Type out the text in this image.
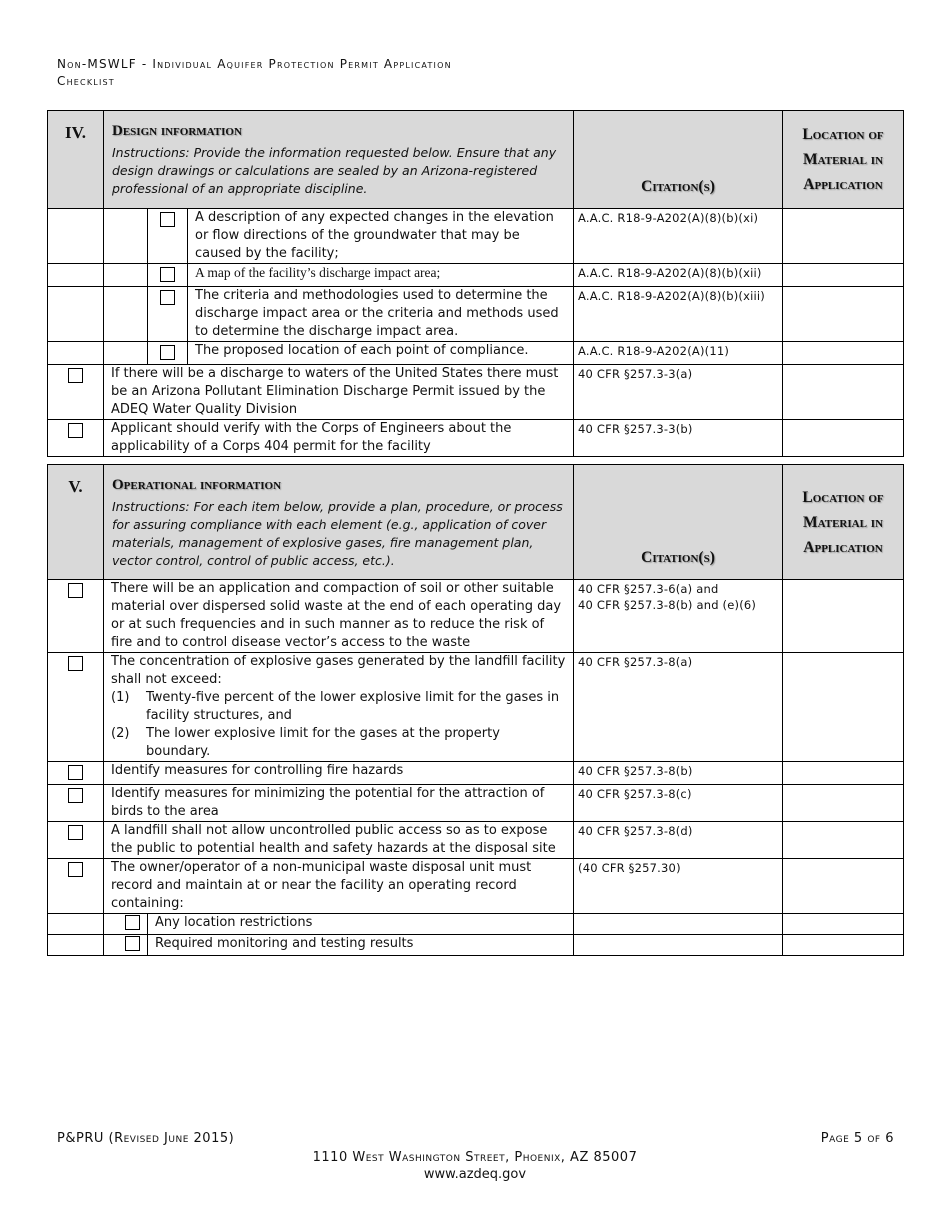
Non-MSWLF - Individual Aquifer Protection Permit Application
Checklist
IV.	Design information
Instructions: Provide the information requested below. Ensure that any design drawings or calculations are sealed by an Arizona-registered professional of an appropriate discipline.			Citation(s)	Location of Material in Application
			A description of any expected changes in the elevation or flow directions of the groundwater that may be caused by the facility;	A.A.C. R18-9-A202(A)(8)(b)(xi)	
			A map of the facility’s discharge impact area;	A.A.C. R18-9-A202(A)(8)(b)(xii)	
			The criteria and methodologies used to determine the discharge impact area or the criteria and methods used to determine the discharge impact area.	A.A.C. R18-9-A202(A)(8)(b)(xiii)	
			The proposed location of each point of compliance.	A.A.C. R18-9-A202(A)(11)	
	If there will be a discharge to waters of the United States there must be an Arizona Pollutant Elimination Discharge Permit issued by the ADEQ Water Quality Division			40 CFR §257.3-3(a)	
	Applicant should verify with the Corps of Engineers about the applicability of a Corps 404 permit for the facility			40 CFR §257.3-3(b)	
V.	Operational information
Instructions: For each item below, provide a plan, procedure, or process for assuring compliance with each element (e.g., application of cover materials, management of explosive gases, fire management plan, vector control, control of public access, etc.).		Citation(s)	Location of Material in Application
	There will be an application and compaction of soil or other suitable material over dispersed solid waste at the end of each operating day or at such frequencies and in such manner as to reduce the risk of fire and to control disease vector’s access to the waste		40 CFR §257.3-6(a) and
40 CFR §257.3-8(b) and (e)(6)	

	The concentration of explosive gases generated by the landfill facility shall not exceed:
(1) Twenty-five percent of the lower explosive limit for the gases in facility structures, and
(2) The lower explosive limit for the gases at the property boundary.		40 CFR §257.3-8(a)	
	Identify measures for controlling fire hazards		40 CFR §257.3-8(b)	
	Identify measures for minimizing the potential for the attraction of birds to the area		40 CFR §257.3-8(c)	
	A landfill shall not allow uncontrolled public access so as to expose the public to potential health and safety hazards at the disposal site		40 CFR §257.3-8(d)	
	The owner/operator of a non-municipal waste disposal unit must record and maintain at or near the facility an operating record containing:		(40 CFR §257.30)	
		Any location restrictions		
		Required monitoring and testing results		
P&PRU (Revised June 2015)	Page 5 of 6
1110 West Washington Street, Phoenix, AZ 85007
www.azdeq.gov
